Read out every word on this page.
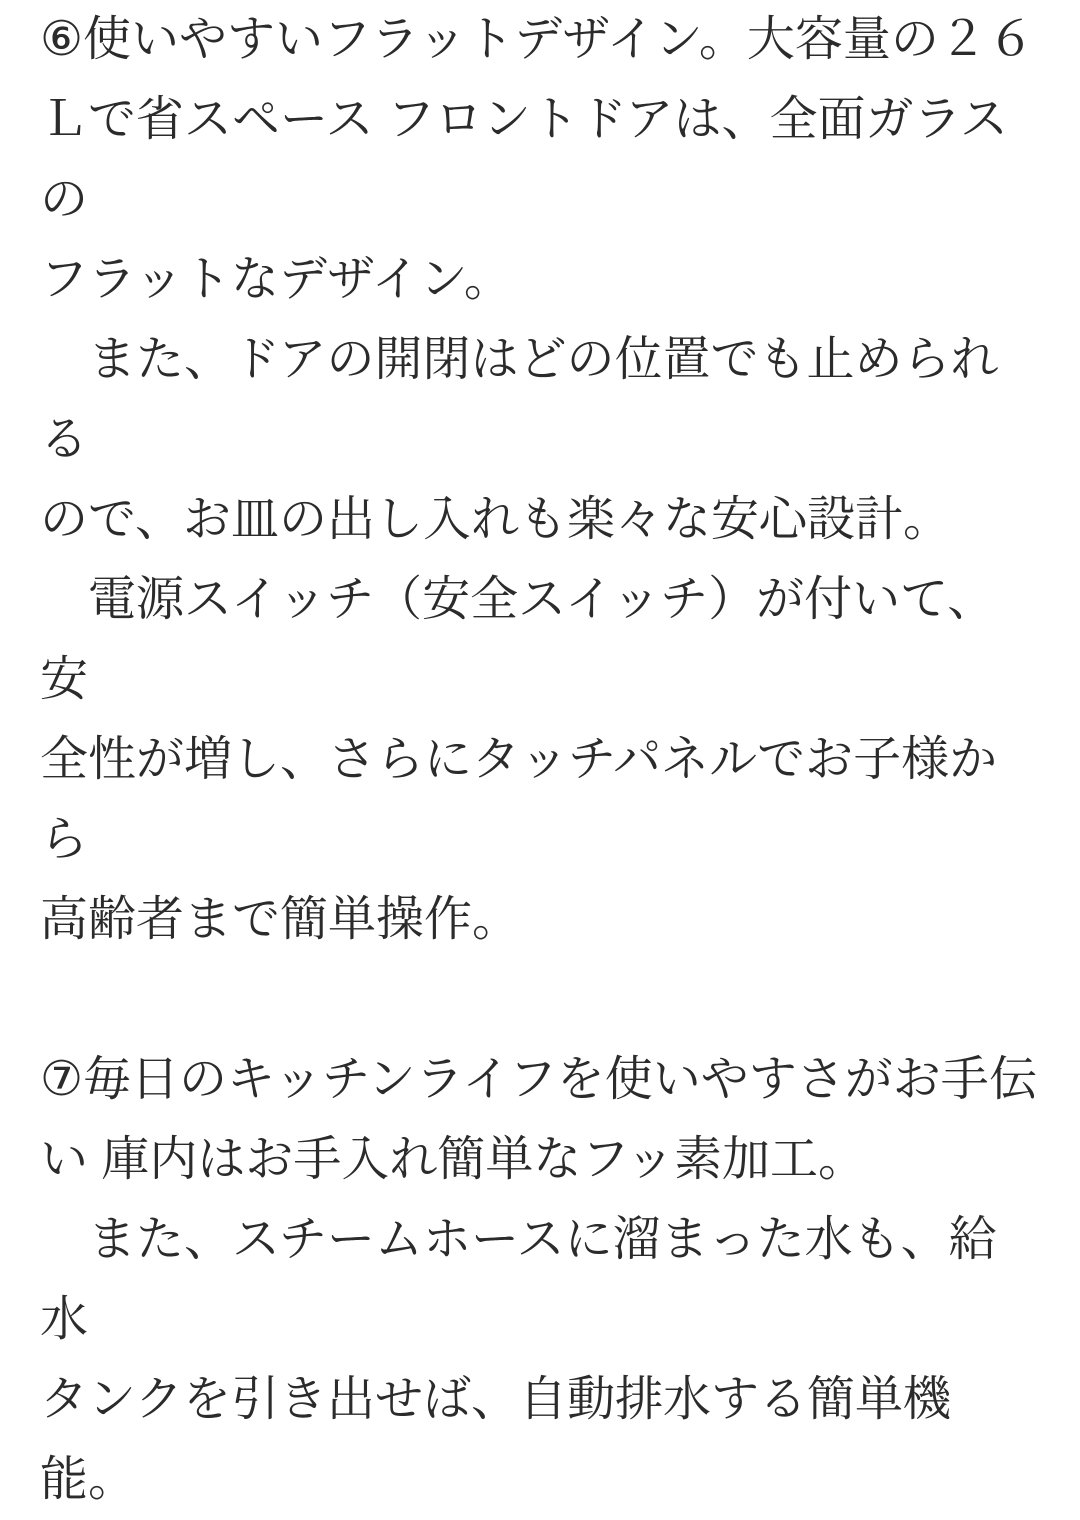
⑥使いやすいフラットデザイン。大容量の２６
Ｌで省スペース フロントドアは、全面ガラスの
フラットなデザイン。
　また、ドアの開閉はどの位置でも止められる
ので、お皿の出し入れも楽々な安心設計。
　電源スイッチ（安全スイッチ）が付いて、安
全性が増し、さらにタッチパネルでお子様から
高齢者まで簡単操作。
⑦毎日のキッチンライフを使いやすさがお手伝
い 庫内はお手入れ簡単なフッ素加工。
　また、スチームホースに溜まった水も、給水
タンクを引き出せば、自動排水する簡単機能。
